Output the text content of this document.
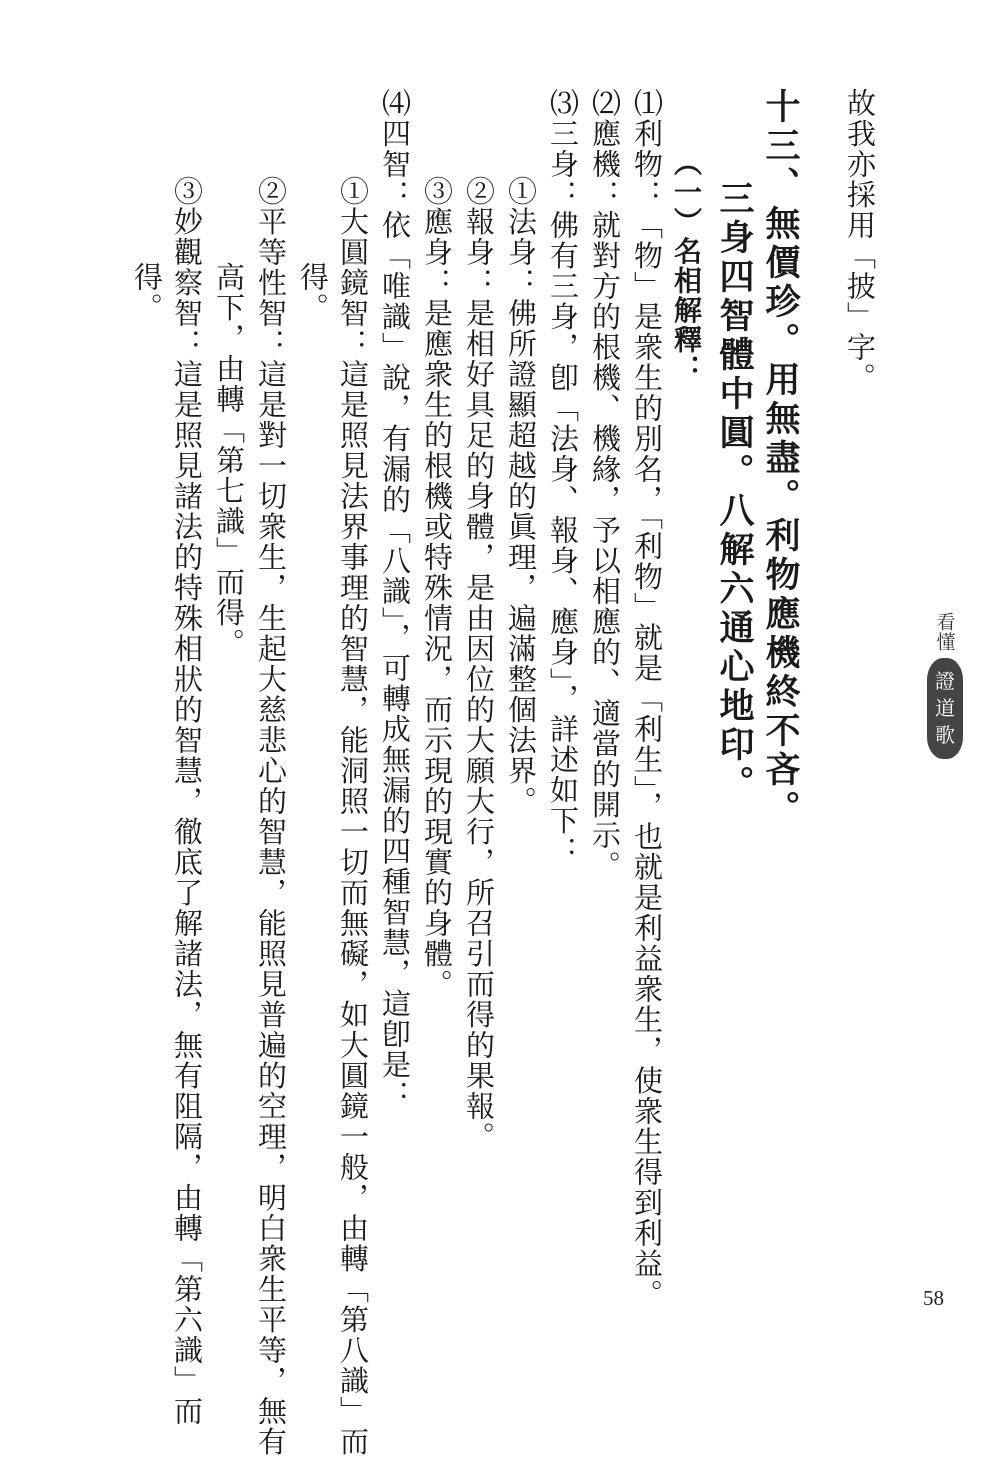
故我亦採用「披」字。
十三、無價珍。用無盡。利物應機終不吝。
三身四智體中圓。八解六通心地印。
（一）名相解釋：
⑴利物：「物」是衆生的別名，「利物」就是「利生」，也就是利益衆生，使衆生得到利益。
⑵應機：就對方的根機、機緣，予以相應的、適當的開示。
⑶三身：佛有三身，卽「法身、報身、應身」，詳述如下：
①法身：佛所證顯超越的眞理，遍滿整個法界。
②報身：是相好具足的身體，是由因位的大願大行，所召引而得的果報。
③應身：是應衆生的根機或特殊情況，而示現的現實的身體。
⑷四智：依「唯識」說，有漏的「八識」，可轉成無漏的四種智慧，這卽是：
①大圓鏡智：這是照見法界事理的智慧，能洞照一切而無礙，如大圓鏡一般，由轉「第八識」而
得。
②平等性智：這是對一切衆生，生起大慈悲心的智慧，能照見普遍的空理，明白衆生平等，無有
高下，由轉「第七識」而得。
③妙觀察智：這是照見諸法的特殊相狀的智慧，徹底了解諸法，無有阻隔，由轉「第六識」而
得。
看懂
證
道
歌
58
